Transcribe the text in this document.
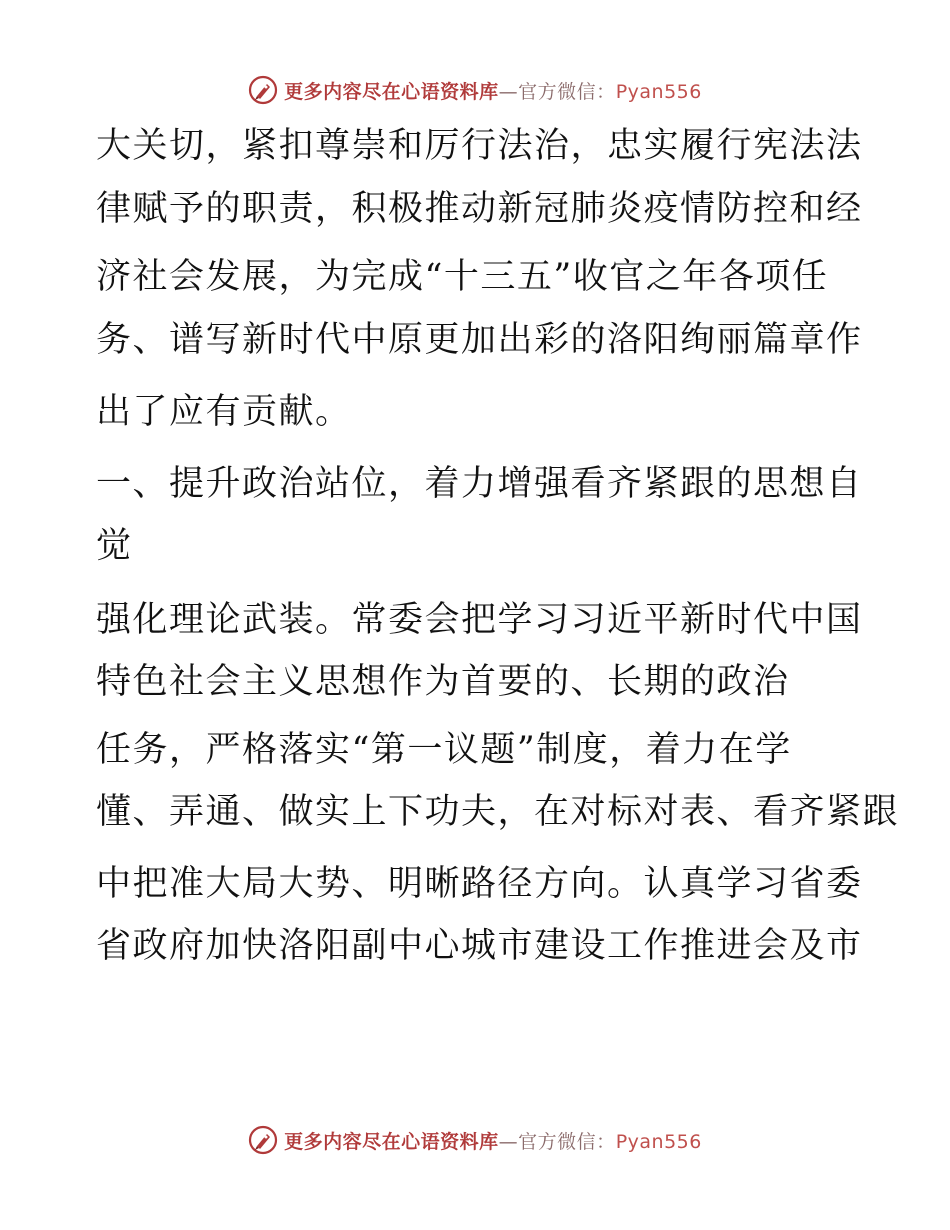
更多内容尽在心语资料库—官方微信：Pyan556
大关切，紧扣尊崇和厉行法治，忠实履行宪法法
律赋予的职责，积极推动新冠肺炎疫情防控和经
济社会发展，为完成“十三五”收官之年各项任
务、谱写新时代中原更加出彩的洛阳绚丽篇章作
出了应有贡献。
一、提升政治站位，着力增强看齐紧跟的思想自
觉
强化理论武装。常委会把学习习近平新时代中国
特色社会主义思想作为首要的、长期的政治
任务，严格落实“第一议题”制度，着力在学
懂、弄通、做实上下功夫，在对标对表、看齐紧跟
中把准大局大势、明晰路径方向。认真学习省委
省政府加快洛阳副中心城市建设工作推进会及市
更多内容尽在心语资料库—官方微信：Pyan556
